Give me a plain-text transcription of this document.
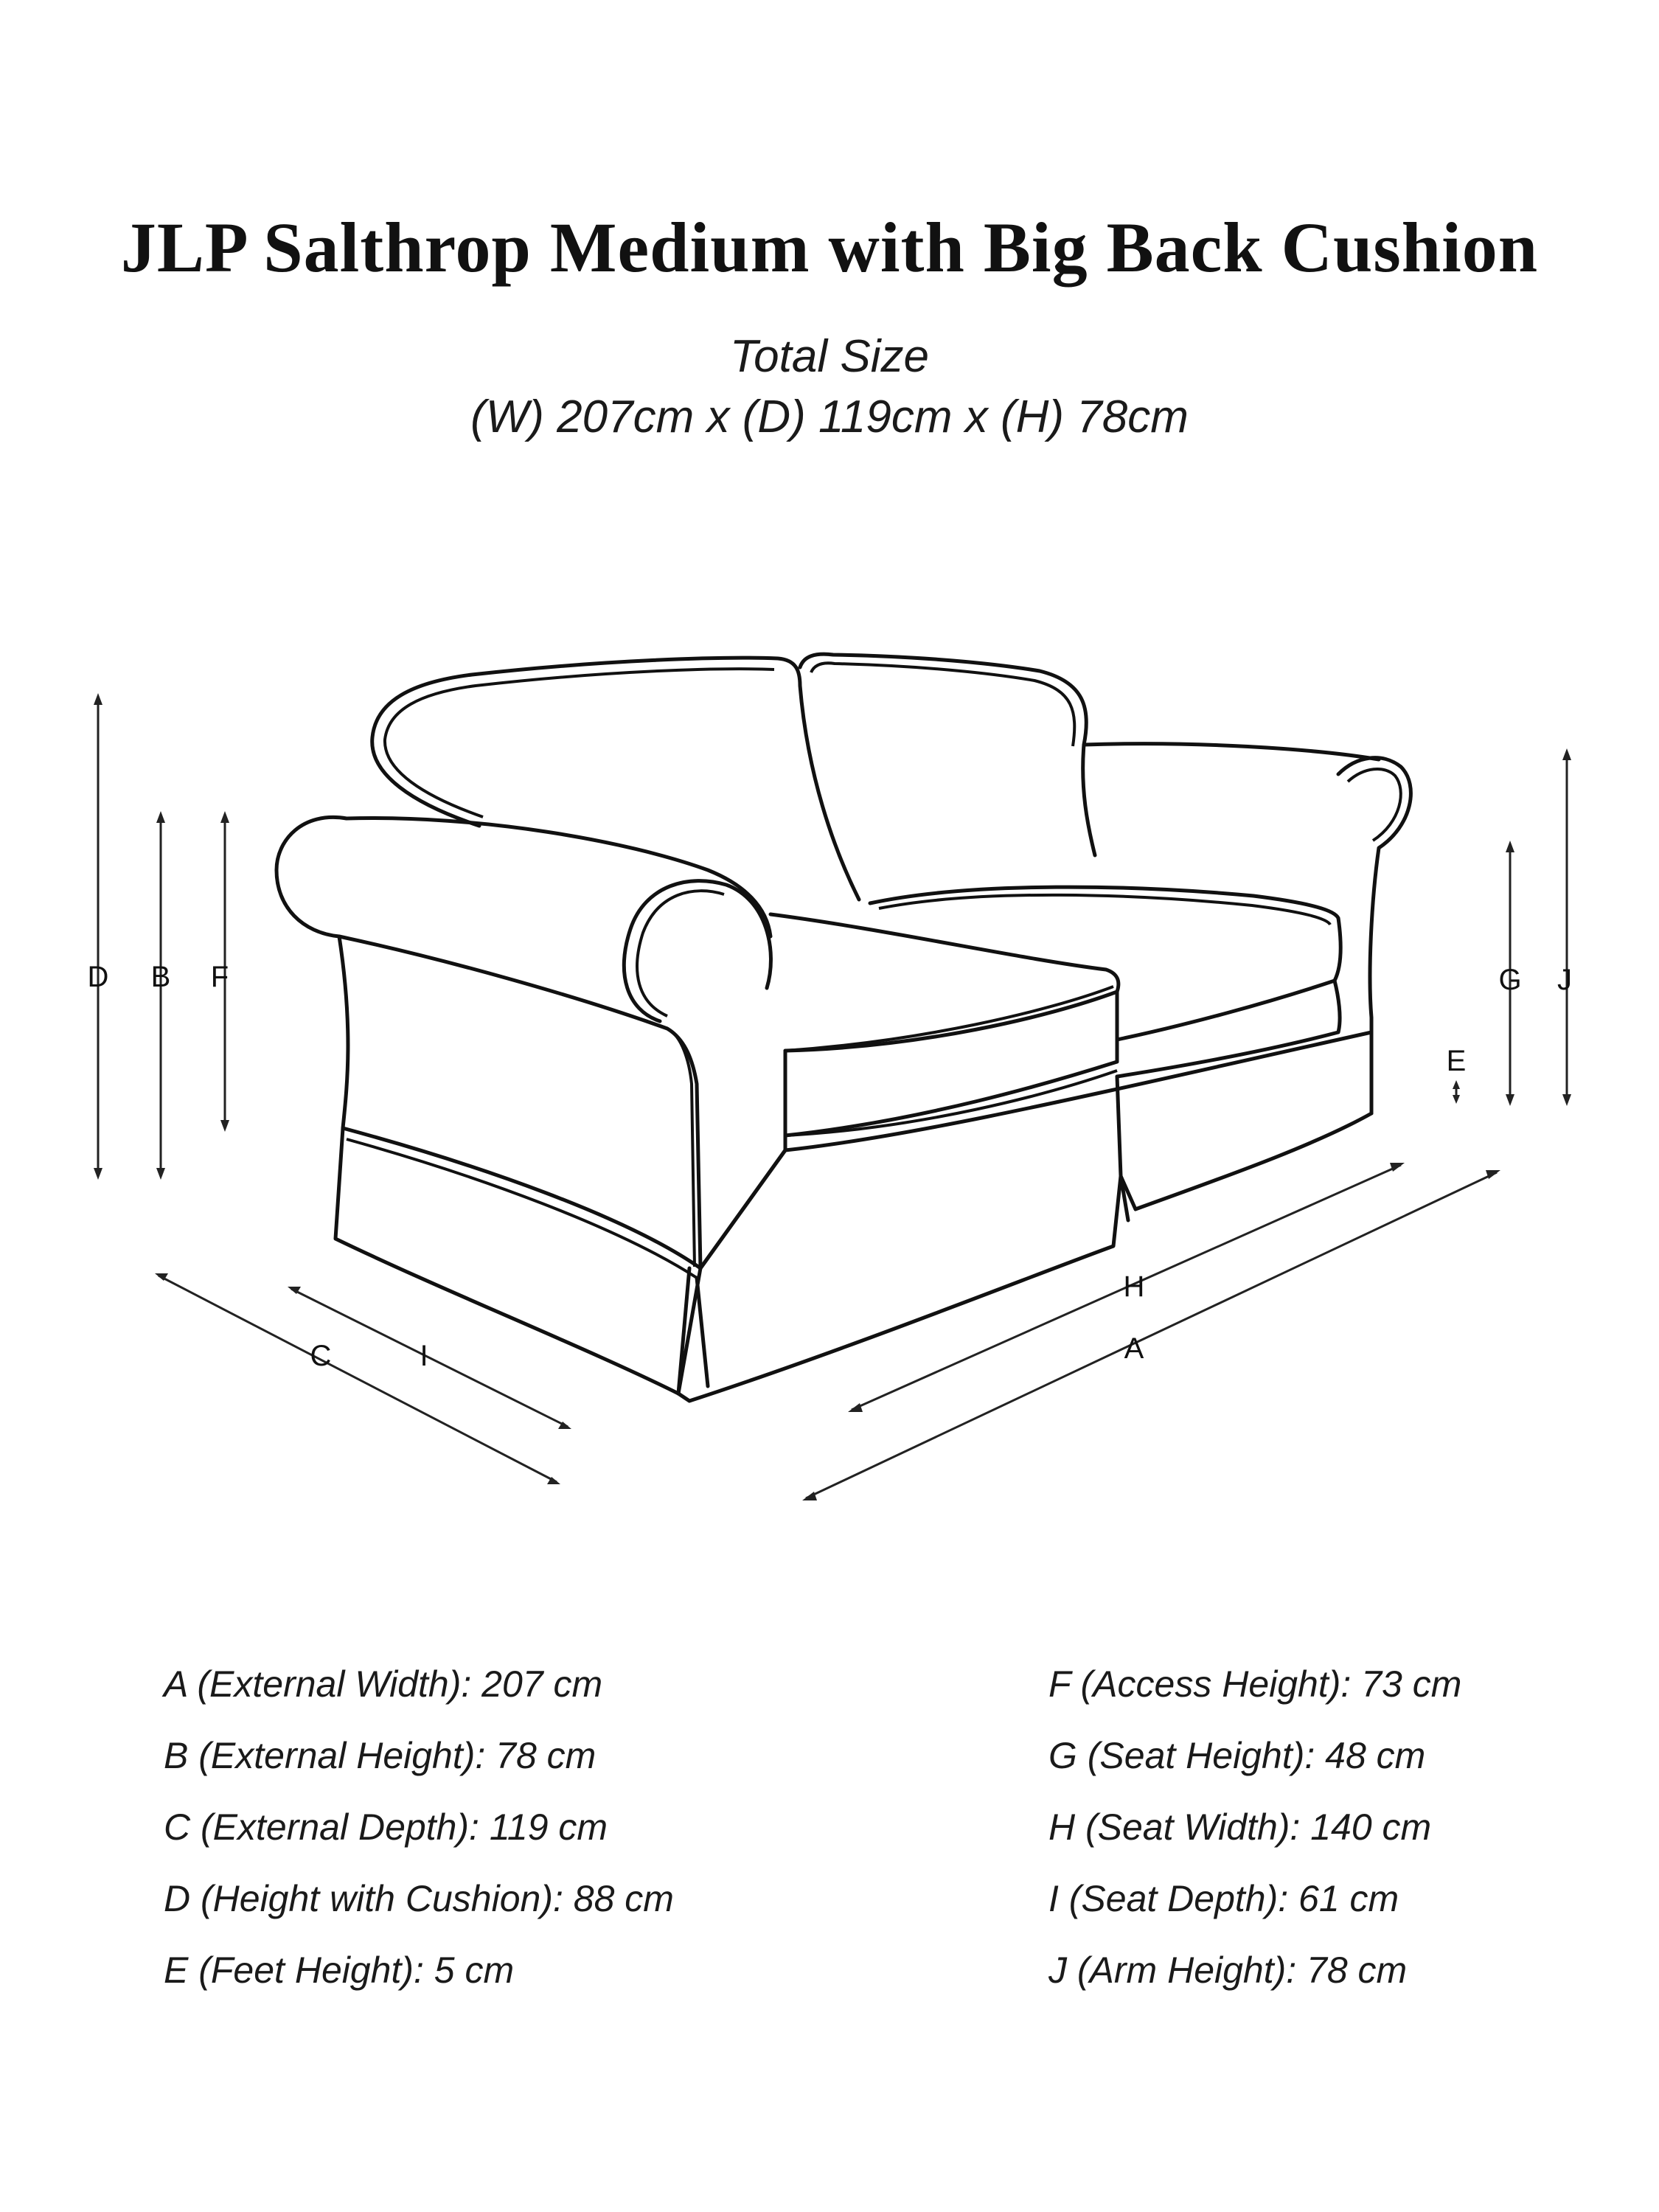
JLP Salthrop Medium with Big Back Cushion
Total Size
(W) 207cm x (D) 119cm x (H) 78cm
D B F	G J
E
C	I
H
A
A (External Width): 207 cm
B (External Height): 78 cm
C (External Depth): 119 cm
D (Height with Cushion): 88 cm
E (Feet Height): 5 cm
F (Access Height): 73 cm
G (Seat Height): 48 cm
H (Seat Width): 140 cm
I (Seat Depth): 61 cm
J (Arm Height): 78 cm
